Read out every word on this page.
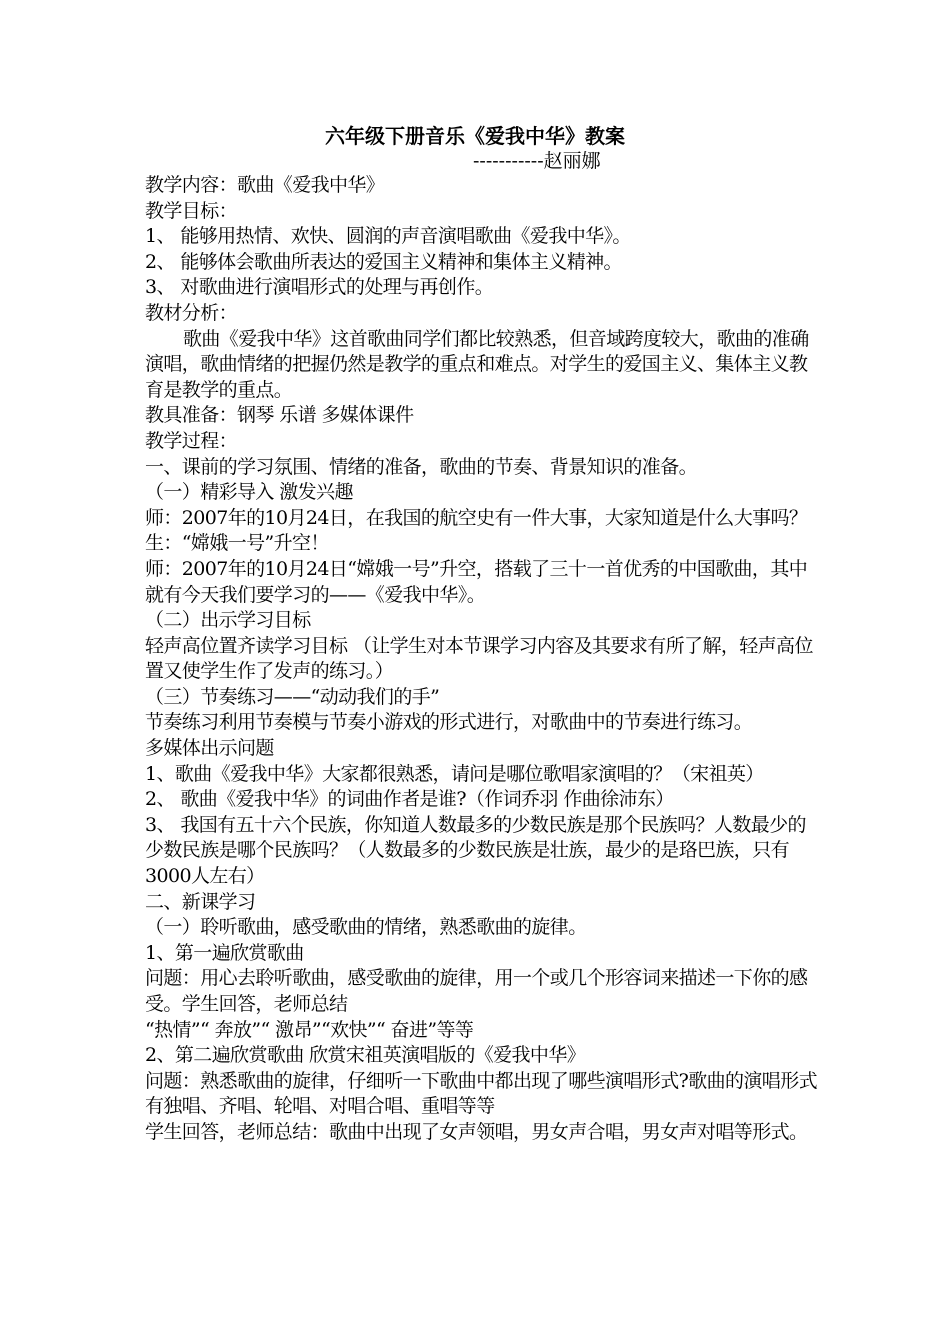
六年级下册音乐《爱我中华》教案
-----------赵丽娜

教学内容：歌曲《爱我中华》

教学目标：

1、 能够用热情、欢快、圆润的声音演唱歌曲《爱我中华》。

2、 能够体会歌曲所表达的爱国主义精神和集体主义精神。

3、 对歌曲进行演唱形式的处理与再创作。

教材分析：

歌曲《爱我中华》这首歌曲同学们都比较熟悉，但音域跨度较大，歌曲的准确演唱，歌曲情绪的把握仍然是教学的重点和难点。对学生的爱国主义、集体主义教育是教学的重点。

教具准备：钢琴 乐谱 多媒体课件

教学过程：

一、课前的学习氛围、情绪的准备，歌曲的节奏、背景知识的准备。

（一）精彩导入 激发兴趣

师：2007年的10月24日，在我国的航空史有一件大事，大家知道是什么大事吗？

生：“嫦娥一号”升空！

师：2007年的10月24日“嫦娥一号”升空，搭载了三十一首优秀的中国歌曲，其中就有今天我们要学习的——《爱我中华》。

（二）出示学习目标

轻声高位置齐读学习目标 （让学生对本节课学习内容及其要求有所了解，轻声高位置又使学生作了发声的练习。）

（三）节奏练习——“动动我们的手”

节奏练习利用节奏模与节奏小游戏的形式进行，对歌曲中的节奏进行练习。

多媒体出示问题

1、歌曲《爱我中华》大家都很熟悉，请问是哪位歌唱家演唱的？（宋祖英）

2、 歌曲《爱我中华》的词曲作者是谁?（作词乔羽 作曲徐沛东）

3、 我国有五十六个民族，你知道人数最多的少数民族是那个民族吗？人数最少的少数民族是哪个民族吗？（人数最多的少数民族是壮族，最少的是珞巴族，只有3000人左右）

二、新课学习

（一）聆听歌曲，感受歌曲的情绪，熟悉歌曲的旋律。

1、第一遍欣赏歌曲

问题：用心去聆听歌曲，感受歌曲的旋律，用一个或几个形容词来描述一下你的感受。学生回答，老师总结

“热情”“ 奔放”“ 激昂”“欢快”“ 奋进”等等

2、第二遍欣赏歌曲 欣赏宋祖英演唱版的《爱我中华》

问题：熟悉歌曲的旋律，仔细听一下歌曲中都出现了哪些演唱形式?歌曲的演唱形式有独唱、齐唱、轮唱、对唱合唱、重唱等等

学生回答，老师总结：歌曲中出现了女声领唱，男女声合唱，男女声对唱等形式。
